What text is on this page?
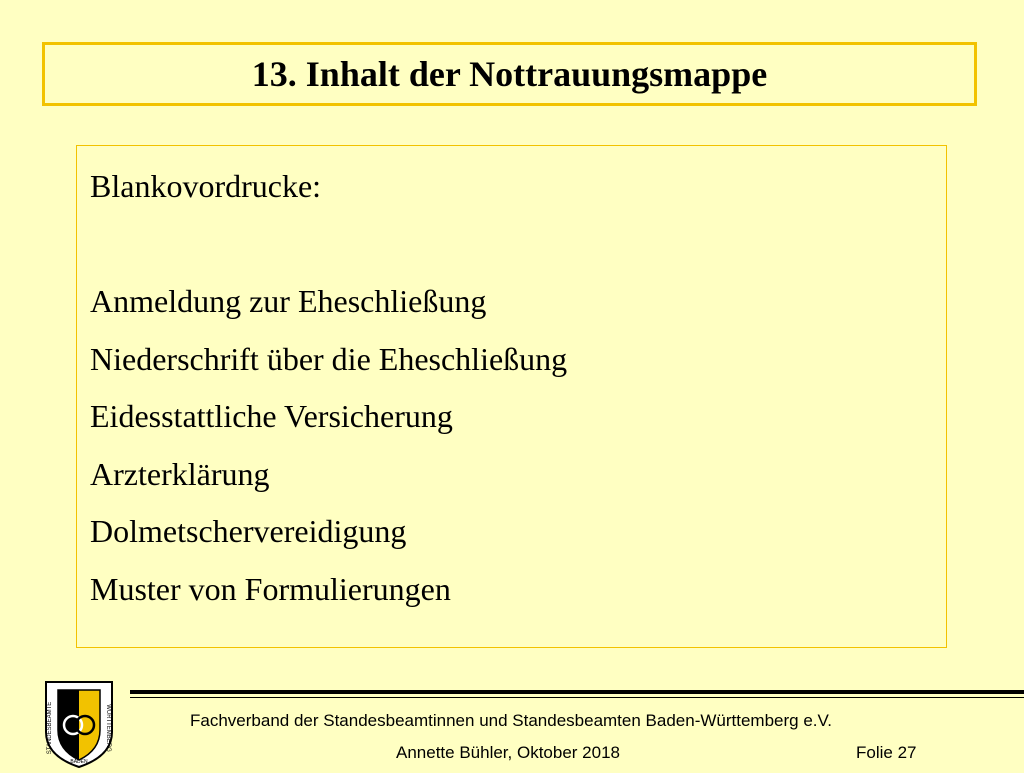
13. Inhalt der Nottrauungsmappe
Blankovordrucke:
Anmeldung zur Eheschließung
Niederschrift über die Eheschließung
Eidesstattliche Versicherung
Arzterklärung
Dolmetschervereidigung
Muster von Formulierungen
STANDESBEAMTE	WÜRTTEMBERG
BADEN
Fachverband der Standesbeamtinnen und Standesbeamten Baden-Württemberg e.V.
Annette Bühler, Oktober 2018	Folie 27
